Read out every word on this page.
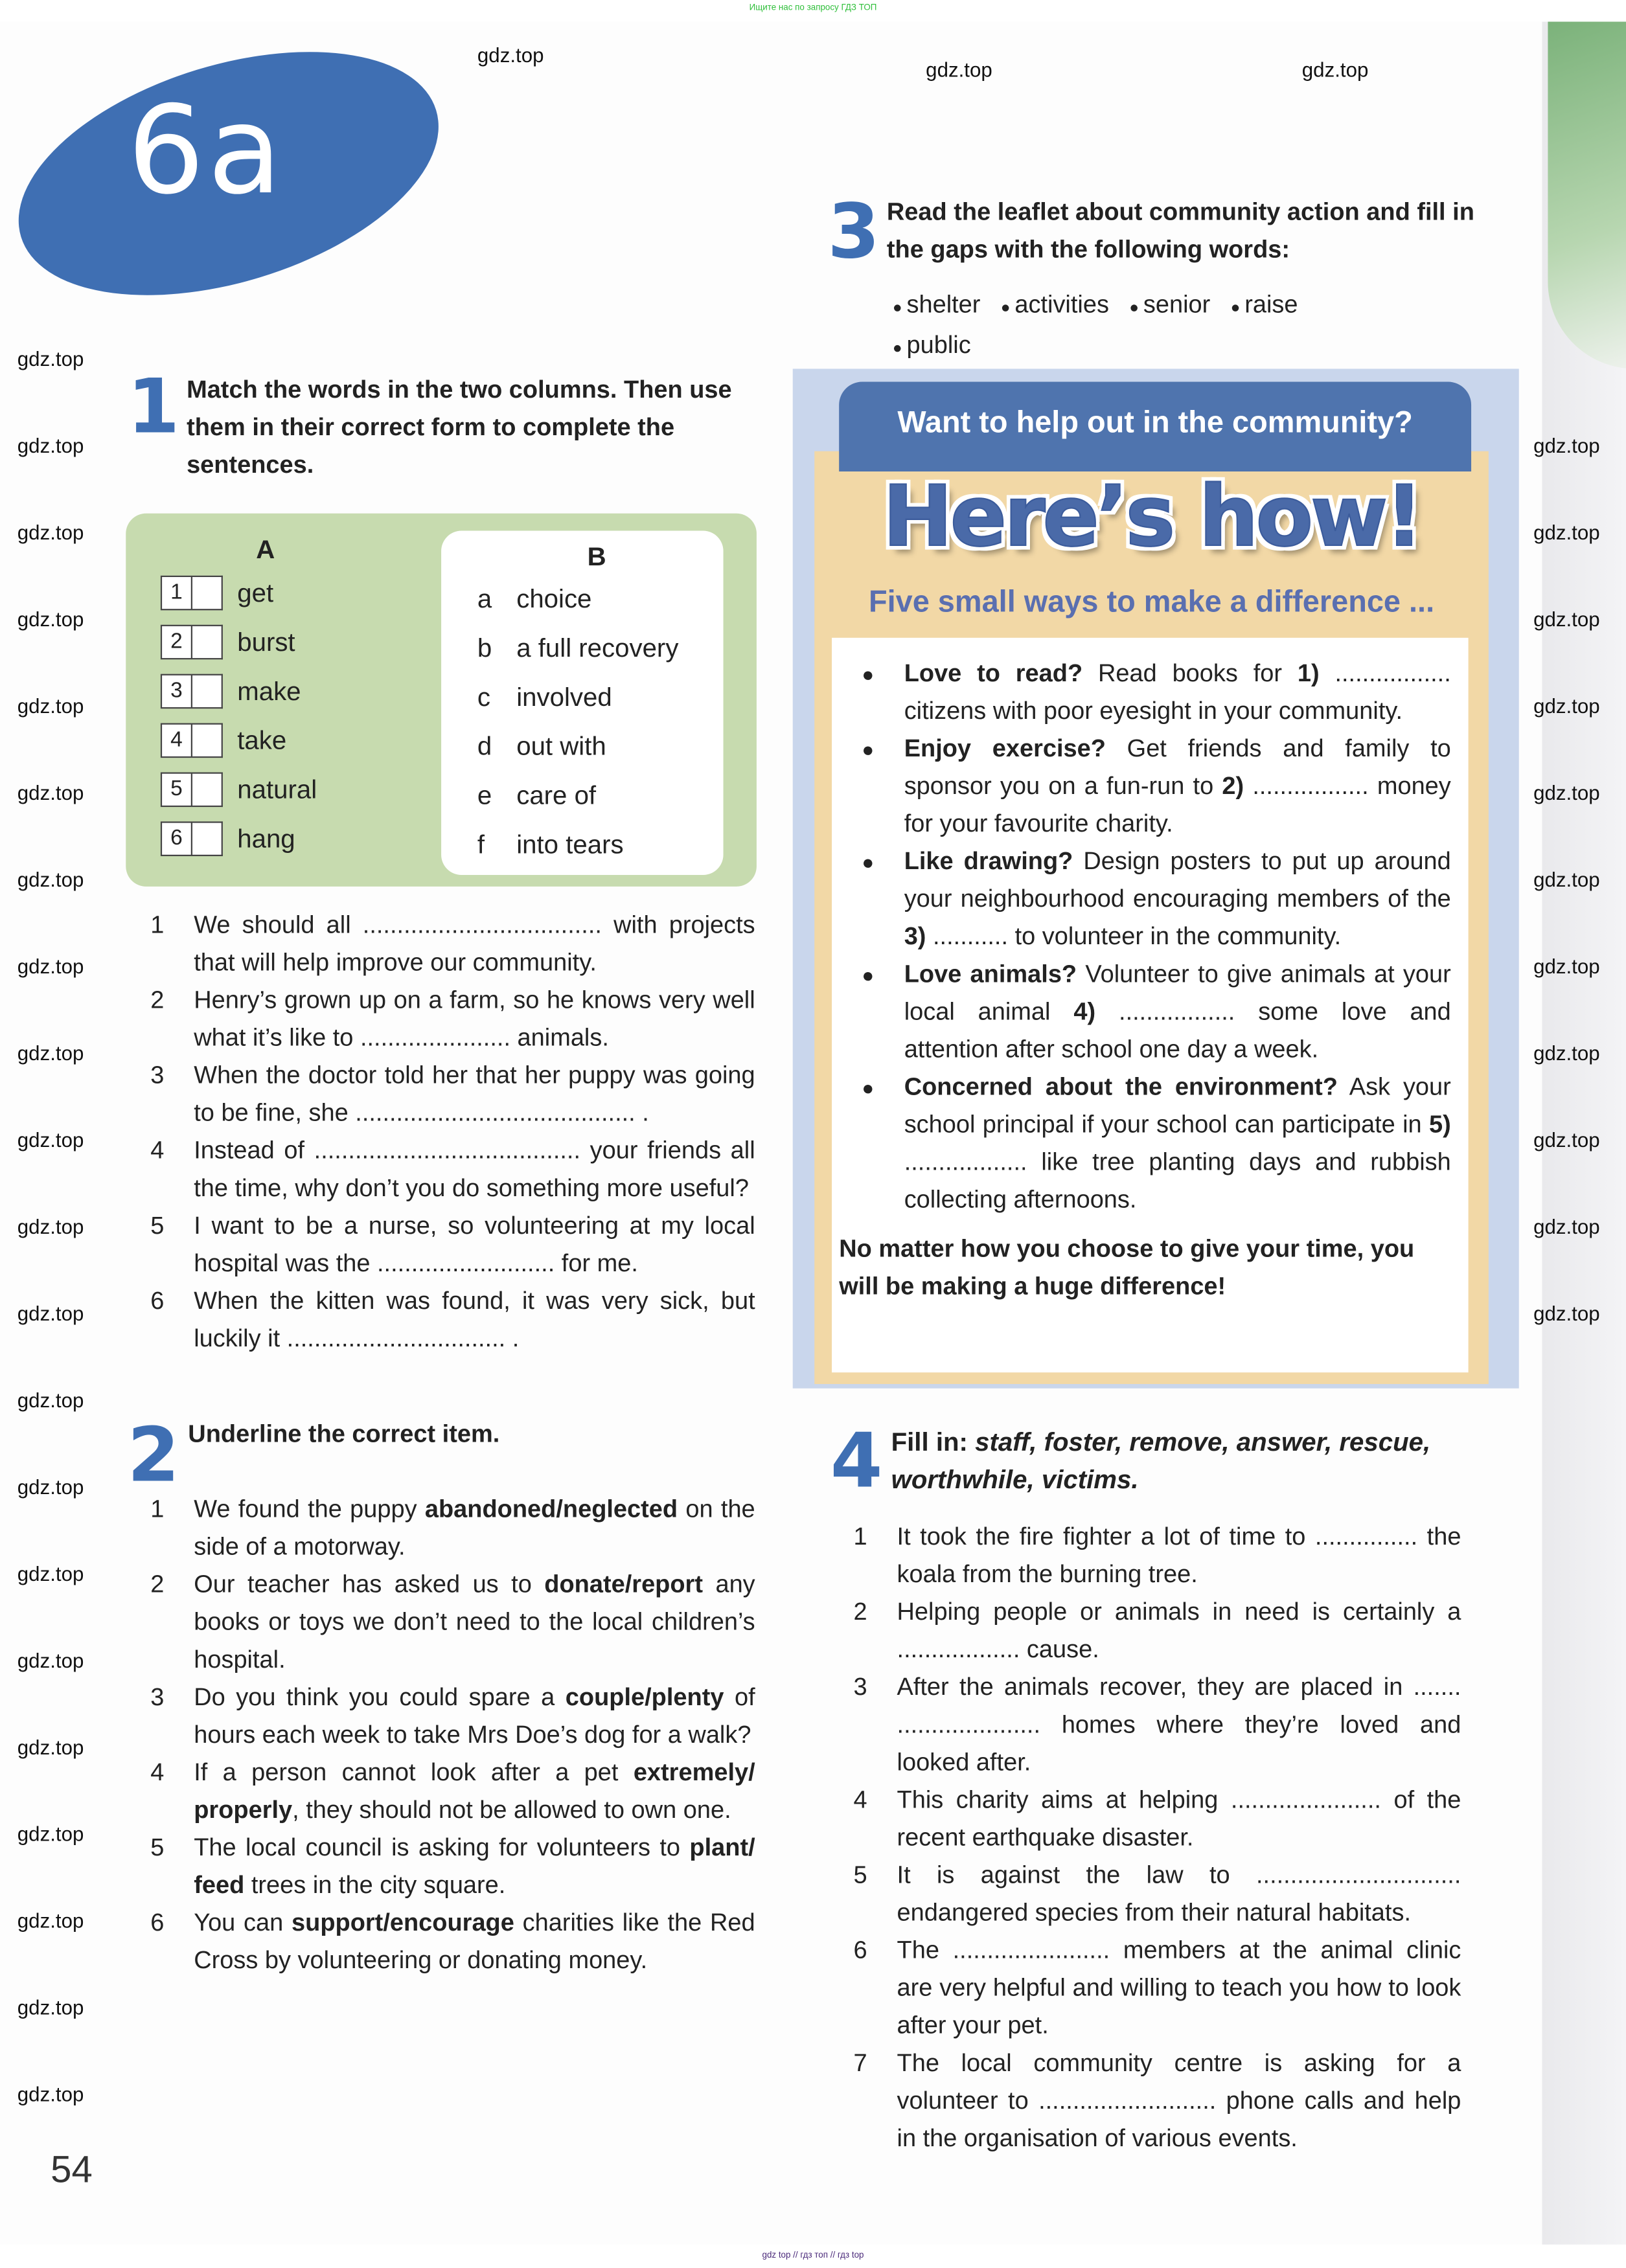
Ищите нас по запросу ГДЗ ТОП
6a
1 Match the words in the two columns. Then use them in their correct form to complete the sentences.
A	B
1	get
2	burst
3	make
4	take
5	natural
6	hang
a	choice
b	a full recovery
c	involved
d	out with
e	care of
f	into tears
1	We should all ................................... with projects that will help improve our community.
2	Henry’s grown up on a farm, so he knows very well what it’s like to ...................... animals.
3	When the doctor told her that her puppy was going to be fine, she ......................................... .
4	Instead of ....................................... your friends all the time, why don’t you do something more useful?
5	I want to be a nurse, so volunteering at my local hospital was the .......................... for me.
6	When the kitten was found, it was very sick, but luckily it ................................ .
2 Underline the correct item.
1	We found the puppy abandoned/neglected on the side of a motorway.
2	Our teacher has asked us to donate/report any books or toys we don’t need to the local children’s hospital.
3	Do you think you could spare a couple/plenty of hours each week to take Mrs Doe’s dog for a walk?
4	If a person cannot look after a pet extremely/ properly, they should not be allowed to own one.
5	The local council is asking for volunteers to plant/ feed trees in the city square.
6	You can support/encourage charities like the Red Cross by volunteering or donating money.
54
3 Read the leaflet about community action and fill in the gaps with the following words:
● shelter	● activities	● senior	● raise
● public
Want to help out in the community?
Here’s how!
Five small ways to make a difference ...
●	Love to read? Read books for 1) ................. citizens with poor eyesight in your community.
●	Enjoy exercise? Get friends and family to sponsor you on a fun-run to 2) ................. money for your favourite charity.
●	Like drawing? Design posters to put up around your neighbourhood encouraging members of the 3) ........... to volunteer in the community.
●	Love animals? Volunteer to give animals at your local animal 4) ................. some love and attention after school one day a week.
●	Concerned about the environment? Ask your school principal if your school can participate in 5) .................. like tree planting days and rubbish collecting afternoons.
No matter how you choose to give your time, you will be making a huge difference!
4 Fill in: staff, foster, remove, answer, rescue, worthwhile, victims.
1	It took the fire fighter a lot of time to ............... the koala from the burning tree.
2	Helping people or animals in need is certainly a .................. cause.
3	After the animals recover, they are placed in ....... ..................... homes where they’re loved and looked after.
4	This charity aims at helping ...................... of the recent earthquake disaster.
5	It is against the law to .............................. endangered species from their natural habitats.
6	The ....................... members at the animal clinic are very helpful and willing to teach you how to look after your pet.
7	The local community centre is asking for a volunteer to .......................... phone calls and help in the organisation of various events.
gdz.top
gdz.top	gdz.top
gdz.top
gdz.top
gdz.top
gdz.top
gdz.top
gdz.top
gdz.top
gdz.top
gdz.top
gdz.top
gdz.top
gdz.top
gdz.top
gdz.top
gdz.top
gdz.top
gdz.top
gdz.top
gdz.top
gdz.top
gdz.top
gdz.top
gdz.top
gdz.top
gdz.top
gdz.top
gdz.top
gdz.top
gdz.top
gdz.top
gdz.top
gdz.top
gdz top // гдз топ // гдз top
